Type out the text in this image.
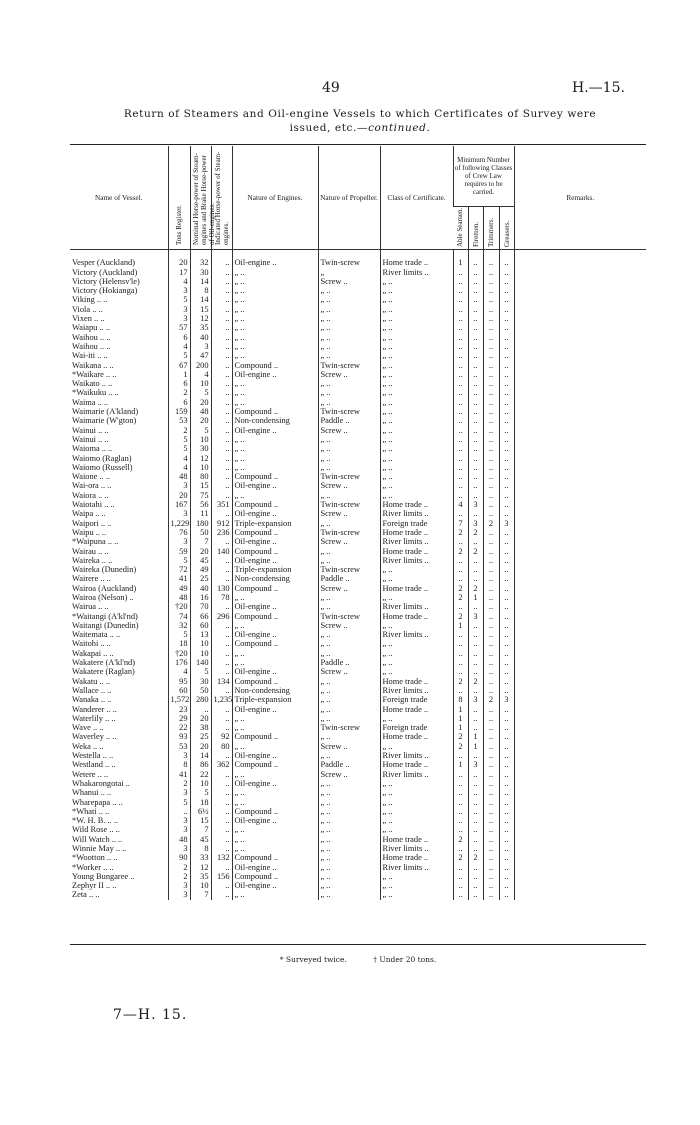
49	H.—15.
Return of Steamers and Oil-engine Vessels to which Certificates of Survey were
issued, etc.—continued.
Name of Vessel.	Tons Register.	Nominal Horse-power of Steam-engines and Brake Horse-power of Oil-engines.	Indicated Horse-power of Steam-engines.	Nature of Engines.	Nature of Propeller.	Class of Certificate.	Minimum Number of following Classes of Crew Law requires to be carried.				Remarks.
							Able Seamen.	Firemen.	Trimmers.	Greasers.	

Vesper (Auckland)	20	32	..	Oil-engine ..	Twin-screw	Home trade ..	1	..	..	..	
Victory (Auckland)	17	30	..	„ ..	„	River limits ..	..	..	..	..	
Victory (Helensv'le)	4	14	..	„ ..	Screw ..	„ ..	..	..	..	..	
Victory (Hokianga)	3	8	..	„ ..	„ ..	„ ..	..	..	..	..	
Viking .. ..	5	14	..	„ ..	„ ..	„ ..	..	..	..	..	
Viola .. ..	3	15	..	„ ..	„ ..	„ ..	..	..	..	..	
Vixen .. ..	3	12	..	„ ..	„ ..	„ ..	..	..	..	..	
Waiapu .. ..	57	35	..	„ ..	„ ..	„ ..	..	..	..	..	
Waihou .. ..	6	40	..	„ ..	„ ..	„ ..	..	..	..	..	
Waihou .. ..	4	3	..	„ ..	„ ..	„ ..	..	..	..	..	
Wai-iti .. ..	5	47	..	„ ..	„ ..	„ ..	..	..	..	..	
Waikana .. ..	67	200	..	Compound ..	Twin-screw	„ ..	..	..	..	..	
*Waikare .. ..	1	4	..	Oil-engine ..	Screw ..	„ ..	..	..	..	..	
Waikato .. ..	6	10	..	„ ..	„ ..	„ ..	..	..	..	..	
*Waikuku .. ..	2	5	..	„ ..	„ ..	„ ..	..	..	..	..	
Waima .. ..	6	20	..	„ ..	„ ..	„ ..	..	..	..	..	
Waimarie (A'kland)	159	48	..	Compound ..	Twin-screw	„ ..	..	..	..	..	
Waimarie (W'gton)	53	20	..	Non-condensing	Paddle ..	„ ..	..	..	..	..	
Wainui .. ..	2	5	..	Oil-engine ..	Screw ..	„ ..	..	..	..	..	
Wainui .. ..	5	10	..	„ ..	„ ..	„ ..	..	..	..	..	
Waioma .. ..	5	30	..	„ ..	„ ..	„ ..	..	..	..	..	
Waiomo (Raglan)	4	12	..	„ ..	„ ..	„ ..	..	..	..	..	
Waiomo (Russell)	4	10	..	„ ..	„ ..	„ ..	..	..	..	..	
Waione .. ..	48	80	..	Compound ..	Twin-screw	„ ..	..	..	..	..	
Wai-ora .. ..	3	15	..	Oil-engine ..	Screw ..	„ ..	..	..	..	..	
Waiora .. ..	20	75	..	„ ..	„ ..	„ ..	..	..	..	..	
Waiotahi .. ..	167	56	351	Compound ..	Twin-screw	Home trade ..	4	3	..	..	
Waipa .. ..	3	11	..	Oil-engine ..	Screw ..	River limits ..	..	..	..	..	
Waipori .. ..	1,229	180	912	Triple-expansion	„ ..	Foreign trade	7	3	2	3	
Waipu .. ..	76	50	236	Compound ..	Twin-screw	Home trade ..	2	2	..	..	
*Waipuna .. ..	3	7	..	Oil-engine ..	Screw ..	River limits ..	..	..	..	..	
Wairau .. ..	59	20	140	Compound ..	„ ..	Home trade ..	2	2	..	..	
Waireka .. ..	5	45	..	Oil-engine ..	„ ..	River limits ..	..	..	..	..	
Waireka (Dunedin)	72	49	..	Triple-expansion	Twin-screw	„ ..	..	..	..	..	
Wairere .. ..	41	25	..	Non-condensing	Paddle ..	„ ..	..	..	..	..	
Wairoa (Auckland)	49	40	130	Compound ..	Screw ..	Home trade ..	2	2	..	..	
Wairoa (Nelson) ..	48	16	78	„ ..	„ ..	„ ..	2	1	..	..	
Wairua .. ..	†20	70	..	Oil-engine ..	„ ..	River limits ..	..	..	..	..	
*Waitangi (A'kl'nd)	74	66	296	Compound ..	Twin-screw	Home trade ..	2	3	..	..	
Waitangi (Dunedin)	32	60	..	„ ..	Screw ..	„ ..	1	..	..	..	
Waitemata .. ..	5	13	..	Oil-engine ..	„ ..	River limits ..	..	..	..	..	
Waitohi .. ..	18	10	..	Compound ..	„ ..	„ ..	..	..	..	..	
Wakapai .. ..	†20	10	..	„ ..	„ ..	„ ..	..	..	..	..	
Wakatere (A'kl'nd)	176	140	..	„ ..	Paddle ..	„ ..	..	..	..	..	
Wakatere (Raglan)	4	5	..	Oil-engine ..	Screw ..	„ ..	..	..	..	..	
Wakatu .. ..	95	30	134	Compound ..	„ ..	Home trade ..	2	2	..	..	
Wallace .. ..	60	50	..	Non-condensing	„ ..	River limits ..	..	..	..	..	
Wanaka .. ..	1,572	280	1,235	Triple-expansion	„ ..	Foreign trade	8	3	2	3	
Wanderer .. ..	23	..	..	Oil-engine ..	„ ..	Home trade ..	1	..	..	..	
Waterlily .. ..	29	20	..	„ ..	„ ..	„ ..	1	..	..	..	
Wave .. ..	22	38	..	„ ..	Twin-screw	Foreign trade	1	..	..	..	
Waverley .. ..	93	25	92	Compound ..	„ ..	Home trade ..	2	1	..	..	
Weka .. ..	53	20	80	„ ..	Screw ..	„ ..	2	1	..	..	
Westella .. ..	3	14	..	Oil-engine ..	„ ..	River limits ..	..	..	..	..	
Westland .. ..	8	86	362	Compound ..	Paddle ..	Home trade ..	1	3	..	..	
Wetere .. ..	41	22	..	„ ..	Screw ..	River limits ..	..	..	..	..	
Whakarongotai ..	2	10	..	Oil-engine ..	„ ..	„ ..	..	..	..	..	
Whanui .. ..	3	5	..	„ ..	„ ..	„ ..	..	..	..	..	
Wharepapa .. ..	5	18	..	„ ..	„ ..	„ ..	..	..	..	..	
*Whati .. ..	..	6½	..	Compound ..	„ ..	„ ..	..	..	..	..	
*W. H. B. .. ..	3	15	..	Oil-engine ..	„ ..	„ ..	..	..	..	..	
Wild Rose .. ..	3	7	..	„ ..	„ ..	„ ..	..	..	..	..	
Will Watch .. ..	48	45	..	„ ..	„ ..	Home trade ..	2	..	..	..	
Winnie May .. ..	3	8	..	„ ..	„ ..	River limits ..	..	..	..	..	
*Wootton .. ..	90	33	132	Compound ..	„ ..	Home trade ..	2	2	..	..	
*Worker .. ..	2	12	..	Oil-engine ..	„ ..	River limits ..	..	..	..	..	
Young Bungaree ..	2	35	156	Compound ..	„ ..	„ ..	..	..	..	..	
Zephyr II .. ..	3	10	..	Oil-engine ..	„ ..	„ ..	..	..	..	..	
Zeta .. ..	3	7	..	„ ..	„ ..	„ ..	..	..	..	..	
* Surveyed twice.	† Under 20 tons.
7—H. 15.
